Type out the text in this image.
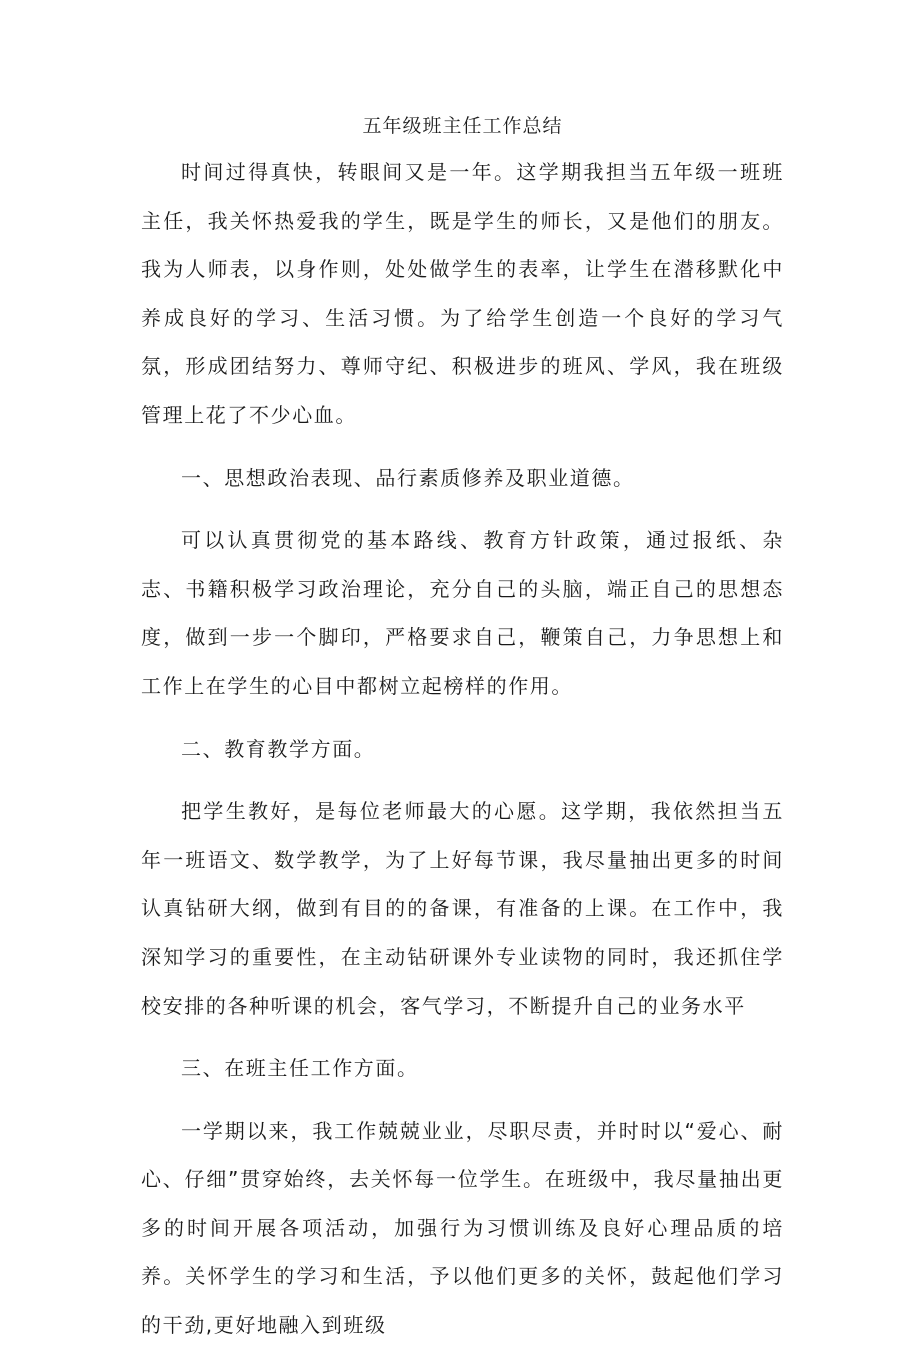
五年级班主任工作总结

时间过得真快，转眼间又是一年。这学期我担当五年级一班班主任，我关怀热爱我的学生，既是学生的师长，又是他们的朋友。我为人师表，以身作则，处处做学生的表率，让学生在潜移默化中养成良好的学习、生活习惯。为了给学生创造一个良好的学习气氛，形成团结努力、尊师守纪、积极进步的班风、学风，我在班级管理上花了不少心血。

一、思想政治表现、品行素质修养及职业道德。

可以认真贯彻党的基本路线、教育方针政策，通过报纸、杂志、书籍积极学习政治理论，充分自己的头脑，端正自己的思想态度，做到一步一个脚印，严格要求自己，鞭策自己，力争思想上和工作上在学生的心目中都树立起榜样的作用。

二、教育教学方面。

把学生教好，是每位老师最大的心愿。这学期，我依然担当五年一班语文、数学教学，为了上好每节课，我尽量抽出更多的时间认真钻研大纲，做到有目的的备课，有准备的上课。在工作中，我深知学习的重要性，在主动钻研课外专业读物的同时，我还抓住学校安排的各种听课的机会，客气学习，不断提升自己的业务水平

三、在班主任工作方面。

一学期以来，我工作兢兢业业，尽职尽责，并时时以“爱心、耐心、仔细”贯穿始终，去关怀每一位学生。在班级中，我尽量抽出更多的时间开展各项活动，加强行为习惯训练及良好心理品质的培养。关怀学生的学习和生活，予以他们更多的关怀，鼓起他们学习的干劲,更好地融入到班级
